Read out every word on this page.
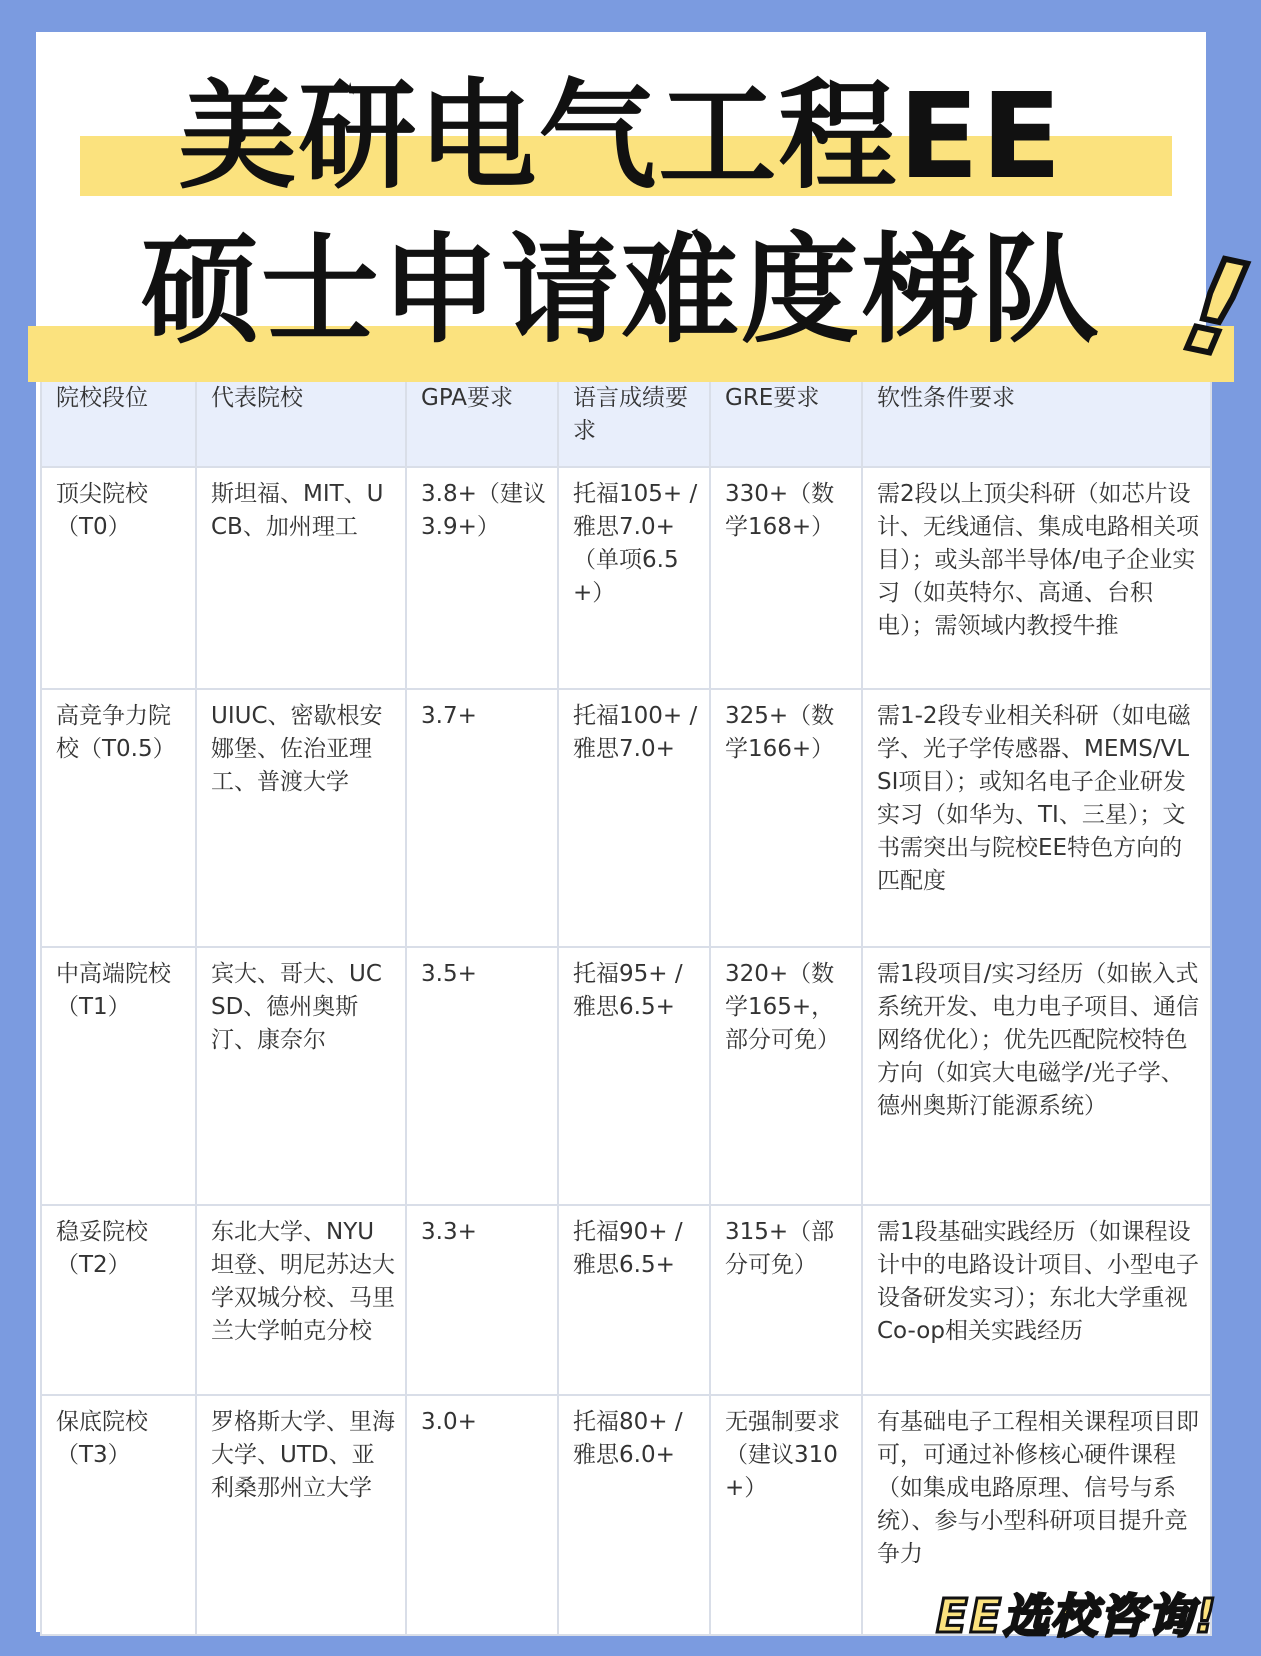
美研电气工程EE
硕士申请难度梯队 !
院校段位	代表院校	GPA要求	语言成绩要求	GRE要求	软性条件要求
顶尖院校（T0）	斯坦福、MIT、UCB、加州理工	3.8+（建议3.9+）	托福105+ / 雅思7.0+（单项6.5+）	330+（数学168+）	需2段以上顶尖科研（如芯片设计、无线通信、集成电路相关项目）；或头部半导体/电子企业实习（如英特尔、高通、台积电）；需领域内教授牛推
高竞争力院校（T0.5）	UIUC、密歇根安娜堡、佐治亚理工、普渡大学	3.7+	托福100+ / 雅思7.0+	325+（数学166+）	需1-2段专业相关科研（如电磁学、光子学传感器、MEMS/VLSI项目）；或知名电子企业研发实习（如华为、TI、三星）；文书需突出与院校EE特色方向的匹配度
中高端院校（T1）	宾大、哥大、UCSD、德州奥斯汀、康奈尔	3.5+	托福95+ / 雅思6.5+	320+（数学165+，部分可免）	需1段项目/实习经历（如嵌入式系统开发、电力电子项目、通信网络优化）；优先匹配院校特色方向（如宾大电磁学/光子学、德州奥斯汀能源系统）
稳妥院校（T2）	东北大学、NYU坦登、明尼苏达大学双城分校、马里兰大学帕克分校	3.3+	托福90+ / 雅思6.5+	315+（部分可免）	需1段基础实践经历（如课程设计中的电路设计项目、小型电子设备研发实习）；东北大学重视Co-op相关实践经历
保底院校（T3）	罗格斯大学、里海大学、UTD、亚利桑那州立大学	3.0+	托福80+ / 雅思6.0+	无强制要求（建议310+）	有基础电子工程相关课程项目即可，可通过补修核心硬件课程（如集成电路原理、信号与系统）、参与小型科研项目提升竞争力
EE选校咨询!
